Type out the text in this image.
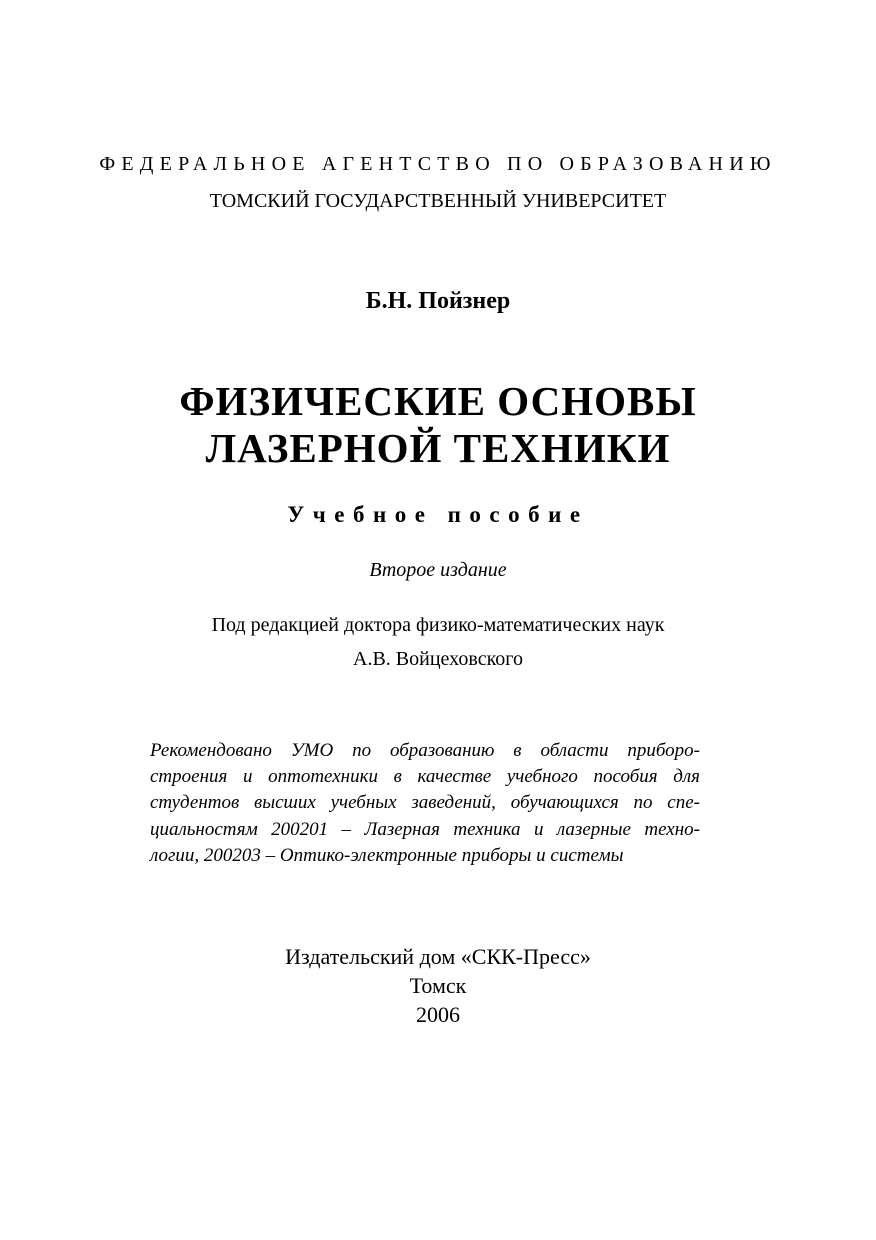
ФЕДЕРАЛЬНОЕ АГЕНТСТВО ПО ОБРАЗОВАНИЮ
ТОМСКИЙ ГОСУДАРСТВЕННЫЙ УНИВЕРСИТЕТ
Б.Н. Пойзнер
ФИЗИЧЕСКИЕ ОСНОВЫ
ЛАЗЕРНОЙ ТЕХНИКИ
Учебное пособие
Второе издание
Под редакцией доктора физико-математических наук
А.В. Войцеховского
Рекомендовано УМО по образованию в области приборо-
строения и оптотехники в качестве учебного пособия для
студентов высших учебных заведений, обучающихся по спе-
циальностям 200201 – Лазерная техника и лазерные техно-
логии, 200203 – Оптико-электронные приборы и системы
Издательский дом «СКК-Пресс»
Томск
2006
